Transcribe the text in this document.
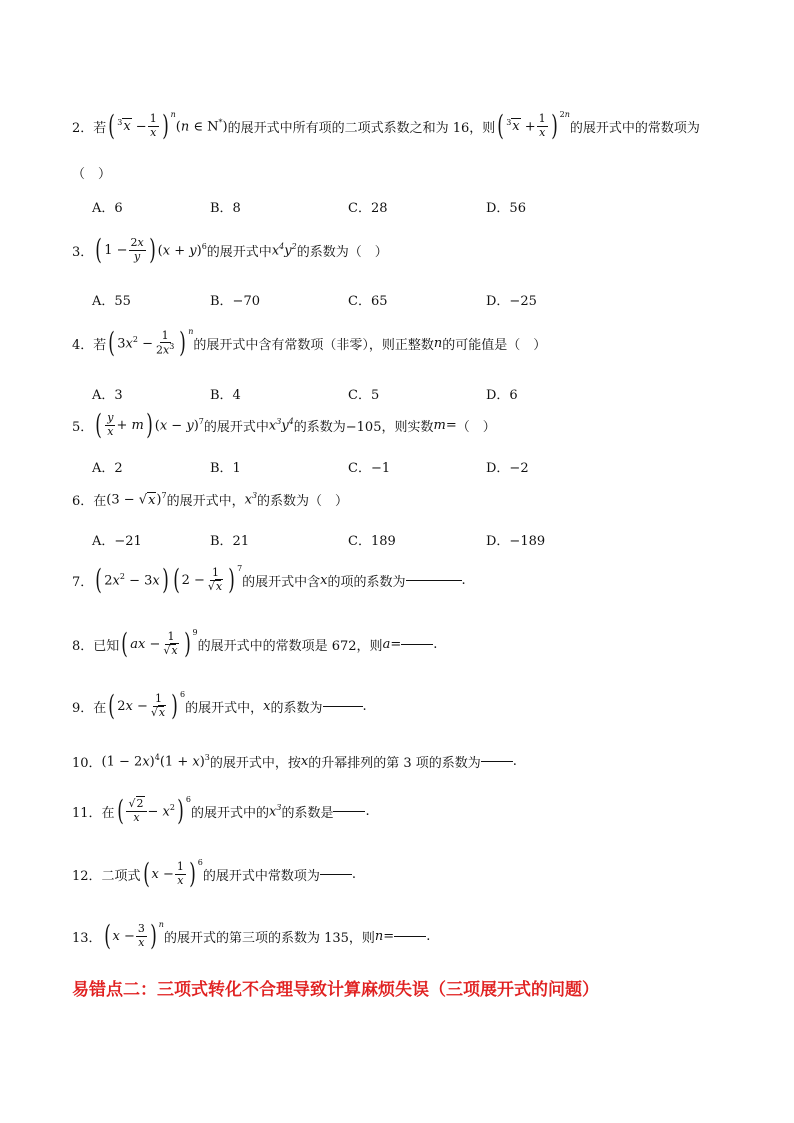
2．若 ( $^3x - \frac{1}{x}$ ) n
(n ∈ N*) 的展开式中所有项的二项式系数之和为 16，则 ( $^3x + \frac{1}{x}$ ) 2n
的展开式中的常数项为
（　）
A．6	B．8	C．28	D．56
3． ( $1 - \frac{2x}{y}$ ) $(x + y)^6$ 的展开式中 $x^4y^2$ 的系数为（　）
A．55	B．−70	C．65	D．−25
4．若 ( $3x^2 - \frac{1}{2x^3}$ ) n
的展开式中含有常数项（非零），则正整数 n 的可能值是（　）
A．3	B．4	C．5	D．6
5． ( $\frac{y}{x} + m$ ) $(x - y)^7$ 的展开式中 $x^3y^4$ 的系数为−105，则实数 m = （　）
A．2	B．1	C．−1	D．−2
6．在 $(3 - √x)^7$ 的展开式中， $x^3$ 的系数为（　）
A．−21	B．21	C．189	D．−189
7． ( $2x^2 - 3x$ ) ( $2 - \frac{1}{√x}$ ) 7
的展开式中含 x 的项的系数为	.
8．已知 ( ax − $\frac{1}{√x}$ ) 9
的展开式中的常数项是 672，则 a = .
9．在 ( $2x - \frac{1}{√x}$ ) 6
的展开式中， x 的系数为	.
10． $(1 - 2x)^4(1 + x)^3$ 的展开式中，按 x 的升幂排列的第 3 项的系数为 .
11．在 ( $\frac{√2}{x} - x^2$ ) 6
的展开式中的 $x^3$ 的系数是 .
12．二项式 ( $x - \frac{1}{x}$ ) 6
的展开式中常数项为 .
13． ( $x - \frac{3}{x}$ ) n
的展开式的第三项的系数为 135，则 n = .
易错点二：三项式转化不合理导致计算麻烦失误（三项展开式的问题）
